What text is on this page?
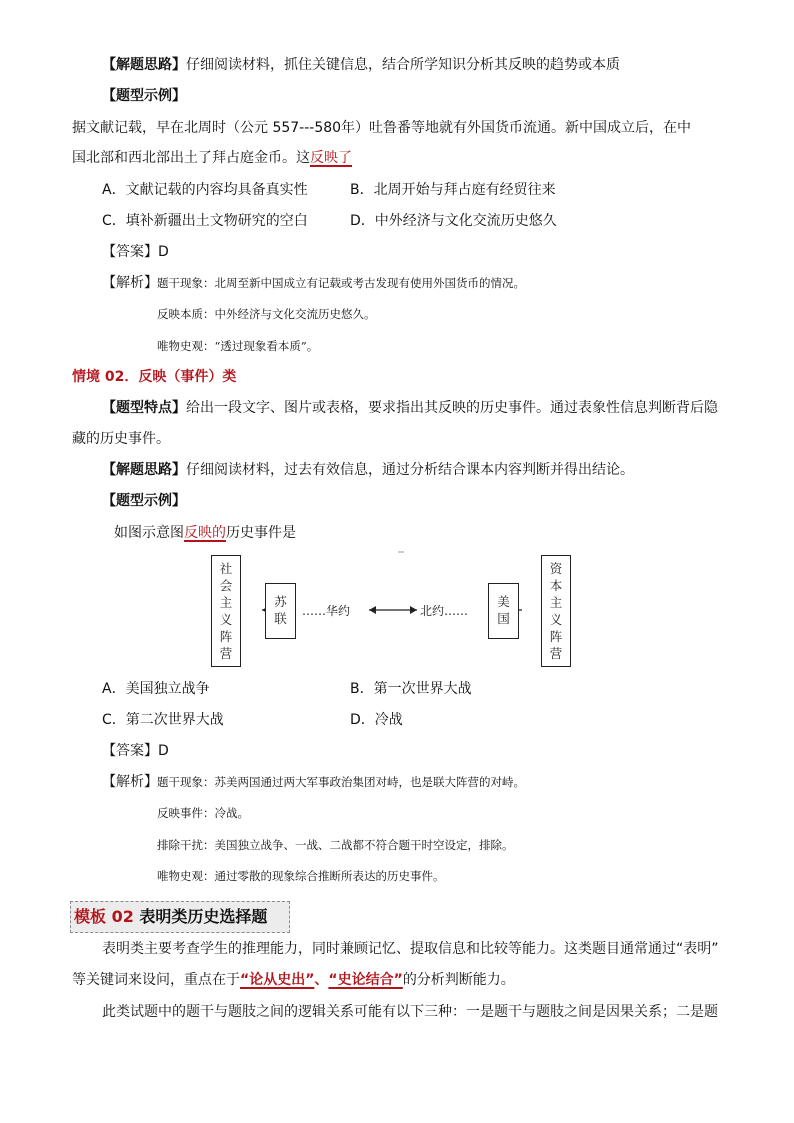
【解题思路】仔细阅读材料，抓住关键信息，结合所学知识分析其反映的趋势或本质
【题型示例】
据文献记载，早在北周时（公元 557---580年）吐鲁番等地就有外国货币流通。新中国成立后，在中
国北部和西北部出土了拜占庭金币。这反映了
A．文献记载的内容均具备真实性	B．北周开始与拜占庭有经贸往来
C．填补新疆出土文物研究的空白	D．中外经济与文化交流历史悠久
【答案】D
【解析】 题干现象：北周至新中国成立有记载或考古发现有使用外国货币的情况。
反映本质：中外经济与文化交流历史悠久。
唯物史观：“透过现象看本质”。
情境 02．反映（事件）类
【题型特点】给出一段文字、图片或表格，要求指出其反映的历史事件。通过表象性信息判断背后隐
藏的历史事件。
【解题思路】仔细阅读材料，过去有效信息，通过分析结合课本内容判断并得出结论。
【题型示例】
如图示意图反映的历史事件是
社
会
主
义
阵
营
苏
联	……华约	北约……
美
国
资
本
主
义
阵
营
A．美国独立战争	B．第一次世界大战
C．第二次世界大战	D．冷战
【答案】D
【解析】 题干现象：苏美两国通过两大军事政治集团对峙，也是联大阵营的对峙。
反映事件：冷战。
排除干扰：美国独立战争、一战、二战都不符合题干时空设定，排除。
唯物史观：通过零散的现象综合推断所表达的历史事件。
模板 02 表明类历史选择题
表明类主要考查学生的推理能力，同时兼顾记忆、提取信息和比较等能力。这类题目通常通过“表明”
等关键词来设问，重点在于“论从史出”、“史论结合”的分析判断能力。
此类试题中的题干与题肢之间的逻辑关系可能有以下三种：一是题干与题肢之间是因果关系；二是题
